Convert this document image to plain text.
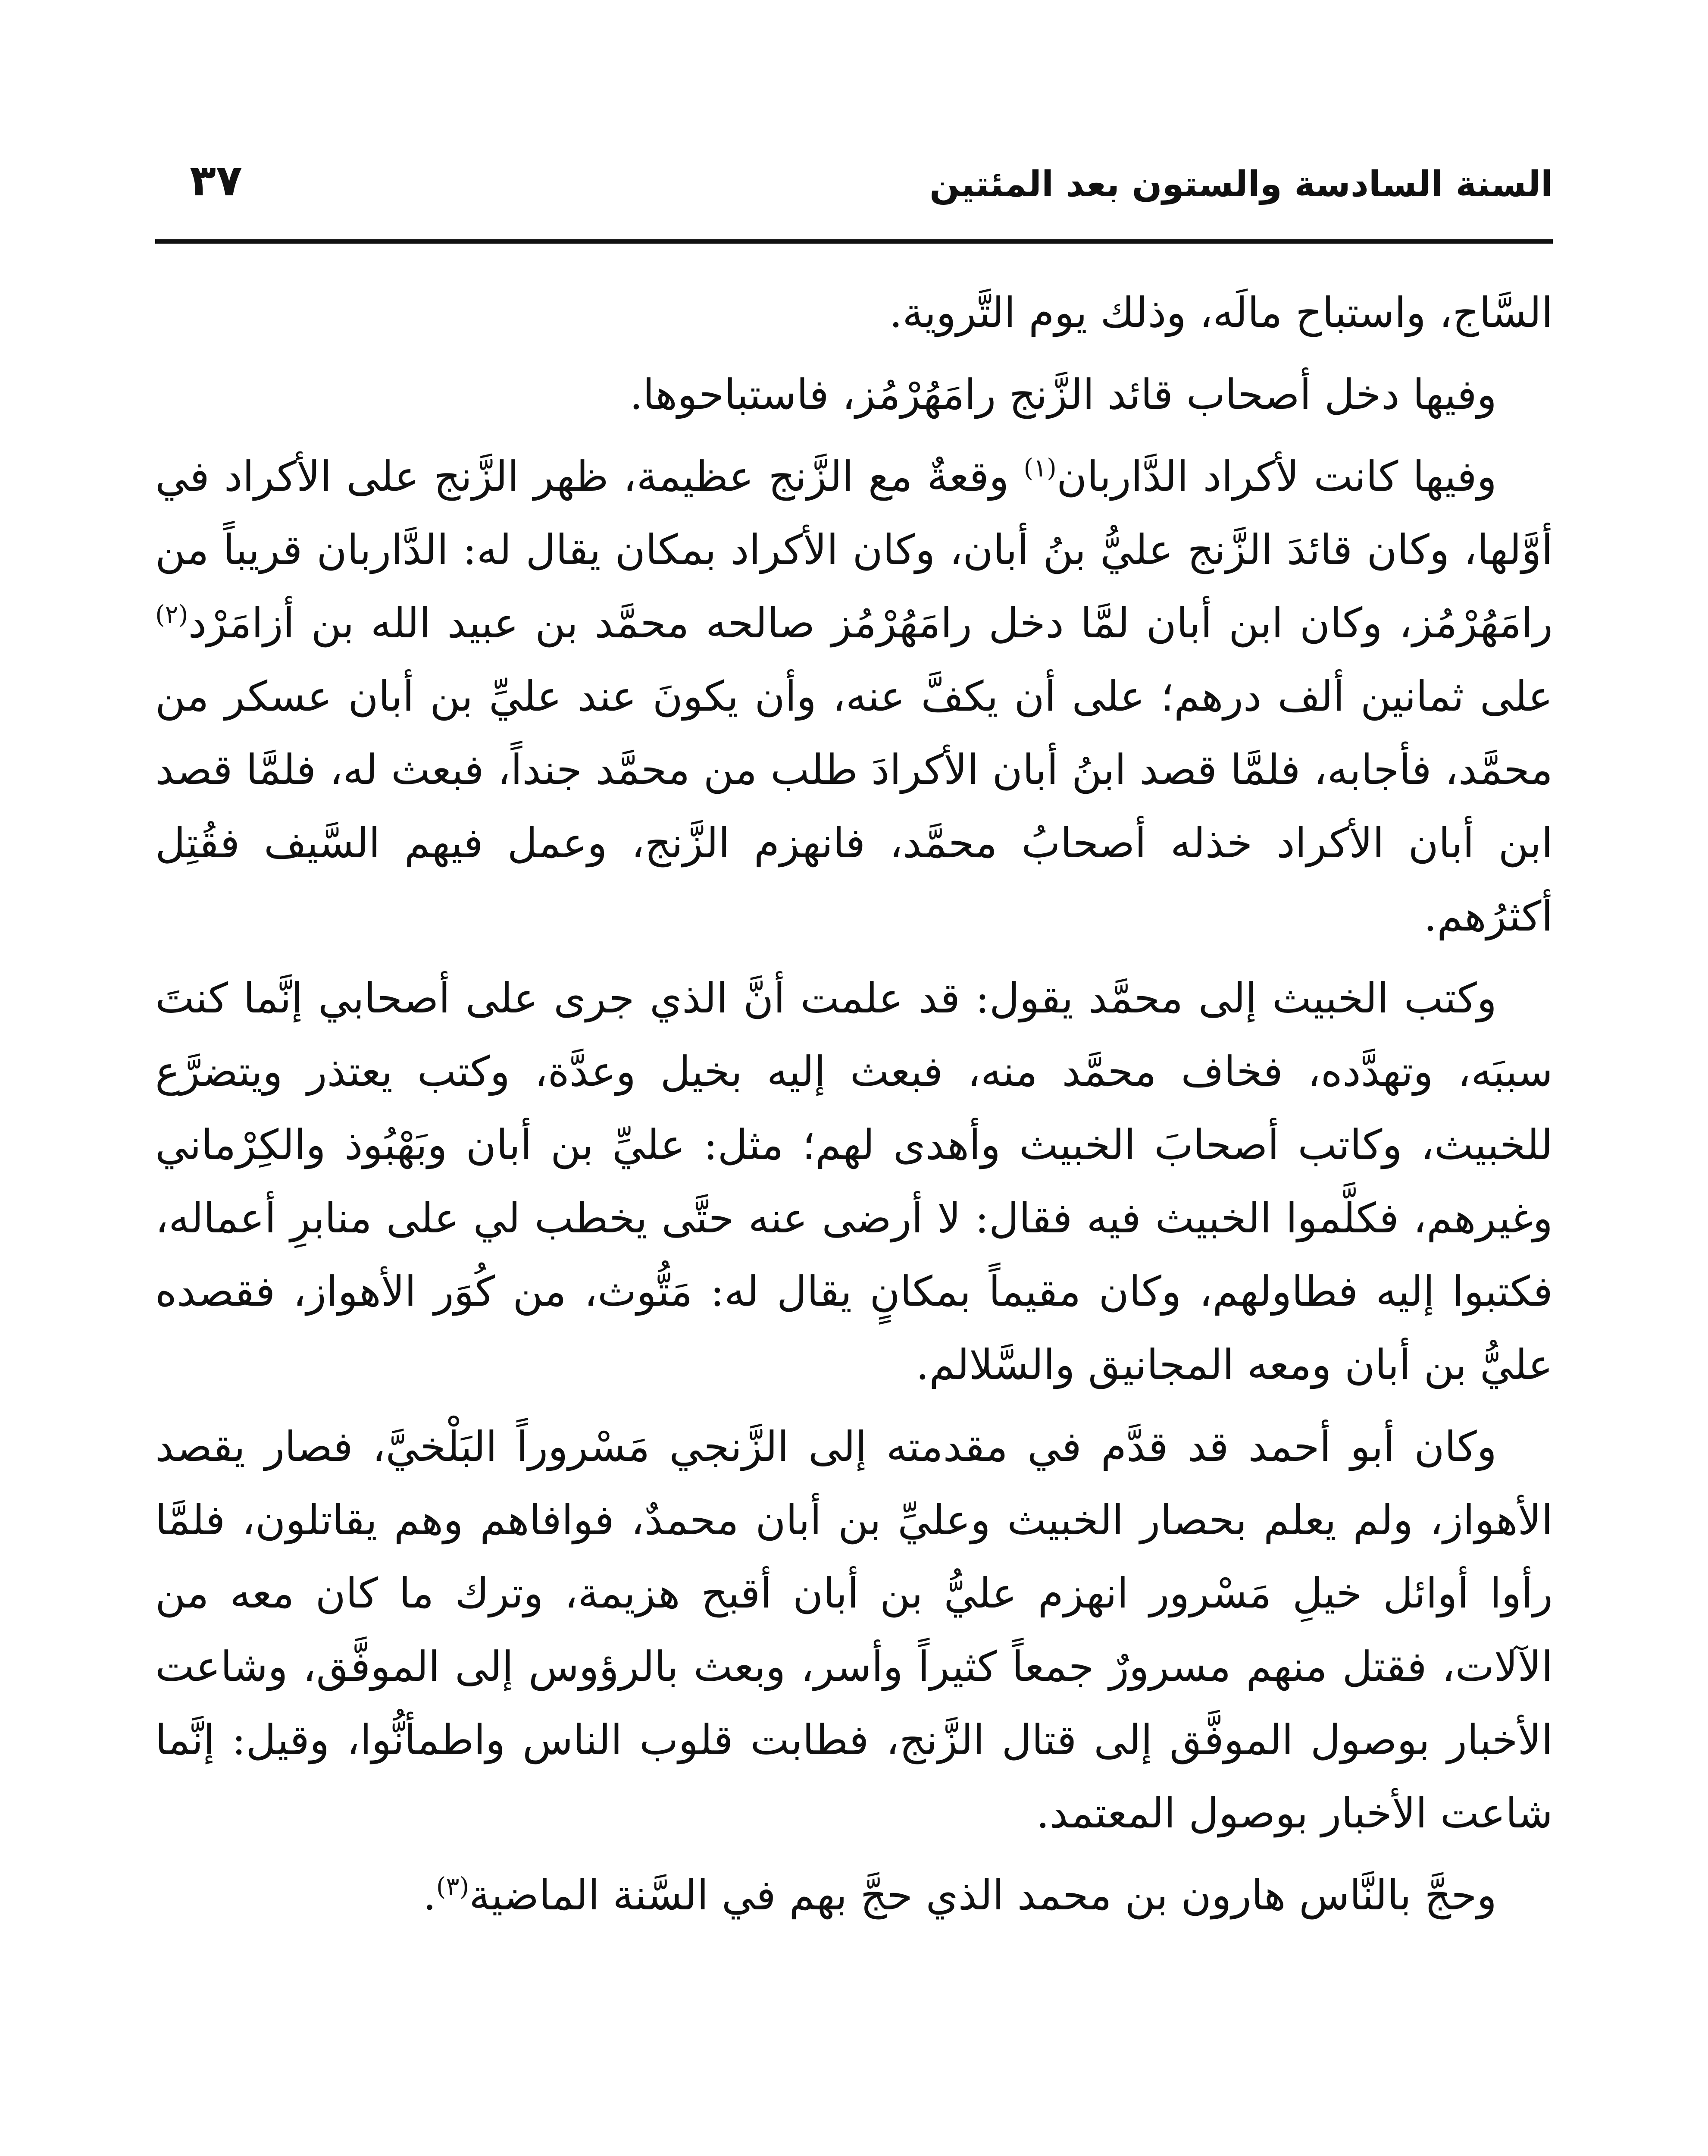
السنة السادسة والستون بعد المئتين
٣٧

السَّاج، واستباح مالَه، وذلك يوم التَّروية.

وفيها دخل أصحاب قائد الزَّنج رامَهُرْمُز، فاستباحوها.

وفيها كانت لأكراد الدَّاربان$^{(١)}$ وقعةٌ مع الزَّنج عظيمة، ظهر الزَّنج على الأكراد في أوَّلها، وكان قائدَ الزَّنج عليُّ بنُ أبان، وكان الأكراد بمكان يقال له: الدَّاربان قريباً من رامَهُرْمُز، وكان ابن أبان لمَّا دخل رامَهُرْمُز صالحه محمَّد بن عبيد الله بن أزامَرْد$^{(٢)}$ على ثمانين ألف درهم؛ على أن يكفَّ عنه، وأن يكونَ عند عليِّ بن أبان عسكر من محمَّد، فأجابه، فلمَّا قصد ابنُ أبان الأكرادَ طلب من محمَّد جنداً، فبعث له، فلمَّا قصد ابن أبان الأكراد خذله أصحابُ محمَّد، فانهزم الزَّنج، وعمل فيهم السَّيف فقُتِل أكثرُهم.

وكتب الخبيث إلى محمَّد يقول: قد علمت أنَّ الذي جرى على أصحابي إنَّما كنتَ سببَه، وتهدَّده، فخاف محمَّد منه، فبعث إليه بخيل وعدَّة، وكتب يعتذر ويتضرَّع للخبيث، وكاتب أصحابَ الخبيث وأهدى لهم؛ مثل: عليِّ بن أبان وبَهْبُوذ والكِرْماني وغيرهم، فكلَّموا الخبيث فيه فقال: لا أرضى عنه حتَّى يخطب لي على منابرِ أعماله، فكتبوا إليه فطاولهم، وكان مقيماً بمكانٍ يقال له: مَتُّوث، من كُوَر الأهواز، فقصده عليُّ بن أبان ومعه المجانيق والسَّلالم.

وكان أبو أحمد قد قدَّم في مقدمته إلى الزَّنجي مَسْروراً البَلْخيَّ، فصار يقصد الأهواز، ولم يعلم بحصار الخبيث وعليِّ بن أبان محمدٌ، فوافاهم وهم يقاتلون، فلمَّا رأوا أوائل خيلِ مَسْرور انهزم عليُّ بن أبان أقبح هزيمة، وترك ما كان معه من الآلات، فقتل منهم مسرورٌ جمعاً كثيراً وأسر، وبعث بالرؤوس إلى الموفَّق، وشاعت الأخبار بوصول الموفَّق إلى قتال الزَّنج، فطابت قلوب الناس واطمأنُّوا، وقيل: إنَّما شاعت الأخبار بوصول المعتمد.

وحجَّ بالنَّاس هارون بن محمد الذي حجَّ بهم في السَّنة الماضية$^{(٣)}$.
